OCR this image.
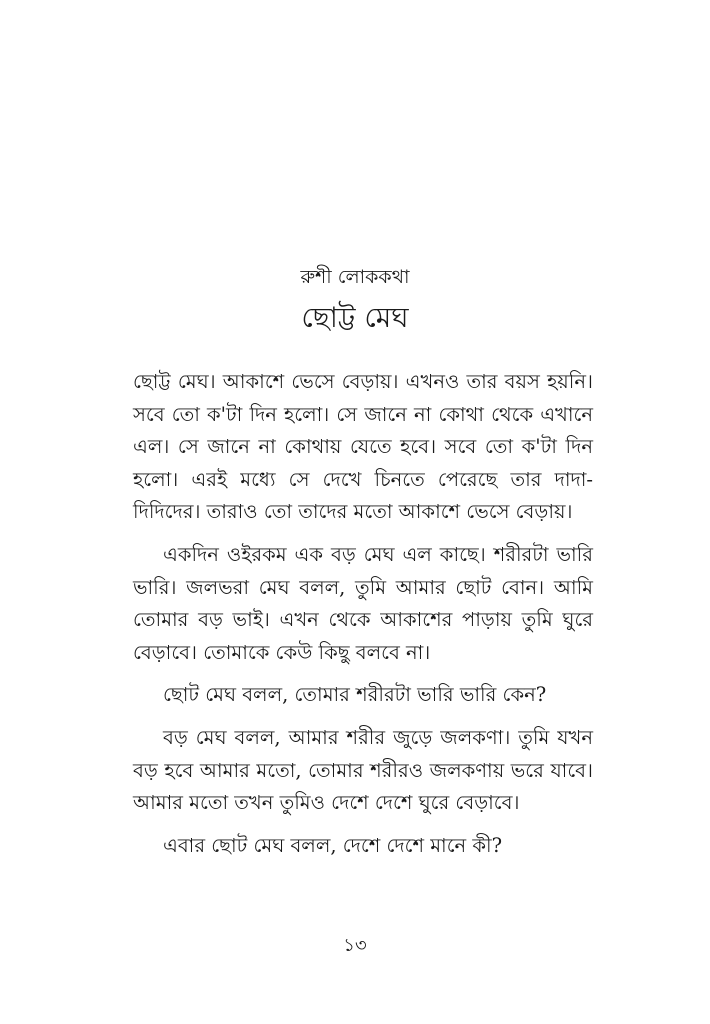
রুশী লোককথা
ছোট্ট মেঘ

ছোট্ট মেঘ। আকাশে ভেসে বেড়ায়। এখনও তার বয়স হয়নি। সবে তো ক'টা দিন হলো। সে জানে না কোথা থেকে এখানে এল। সে জানে না কোথায় যেতে হবে। সবে তো ক'টা দিন হলো। এরই মধ্যে সে দেখে চিনতে পেরেছে তার দাদা-দিদিদের। তারাও তো তাদের মতো আকাশে ভেসে বেড়ায়।

একদিন ওইরকম এক বড় মেঘ এল কাছে। শরীরটা ভারি ভারি। জলভরা মেঘ বলল, তুমি আমার ছোট বোন। আমি তোমার বড় ভাই। এখন থেকে আকাশের পাড়ায় তুমি ঘুরে বেড়াবে। তোমাকে কেউ কিছু বলবে না।

ছোট মেঘ বলল, তোমার শরীরটা ভারি ভারি কেন?

বড় মেঘ বলল, আমার শরীর জুড়ে জলকণা। তুমি যখন বড় হবে আমার মতো, তোমার শরীরও জলকণায় ভরে যাবে। আমার মতো তখন তুমিও দেশে দেশে ঘুরে বেড়াবে।

এবার ছোট মেঘ বলল, দেশে দেশে মানে কী?

১৩
